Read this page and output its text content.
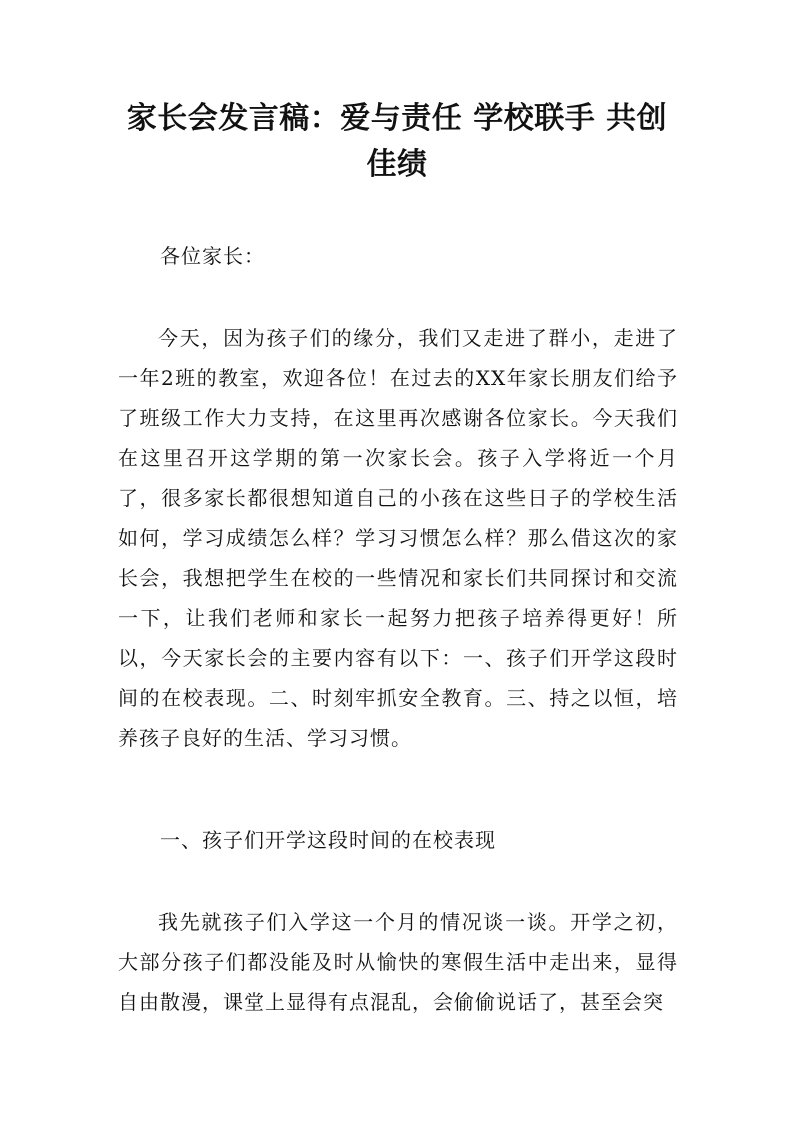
家长会发言稿：爱与责任 学校联手 共创佳绩
各位家长：

今天，因为孩子们的缘分，我们又走进了群小，走进了一年2班的教室，欢迎各位！在过去的XX年家长朋友们给予了班级工作大力支持，在这里再次感谢各位家长。今天我们在这里召开这学期的第一次家长会。孩子入学将近一个月了，很多家长都很想知道自己的小孩在这些日子的学校生活如何，学习成绩怎么样？学习习惯怎么样？那么借这次的家长会，我想把学生在校的一些情况和家长们共同探讨和交流一下，让我们老师和家长一起努力把孩子培养得更好！所以，今天家长会的主要内容有以下：一、孩子们开学这段时间的在校表现。二、时刻牢抓安全教育。三、持之以恒，培养孩子良好的生活、学习习惯。

一、孩子们开学这段时间的在校表现

我先就孩子们入学这一个月的情况谈一谈。开学之初，大部分孩子们都没能及时从愉快的寒假生活中走出来，显得自由散漫，课堂上显得有点混乱，会偷偷说话了，甚至会突
